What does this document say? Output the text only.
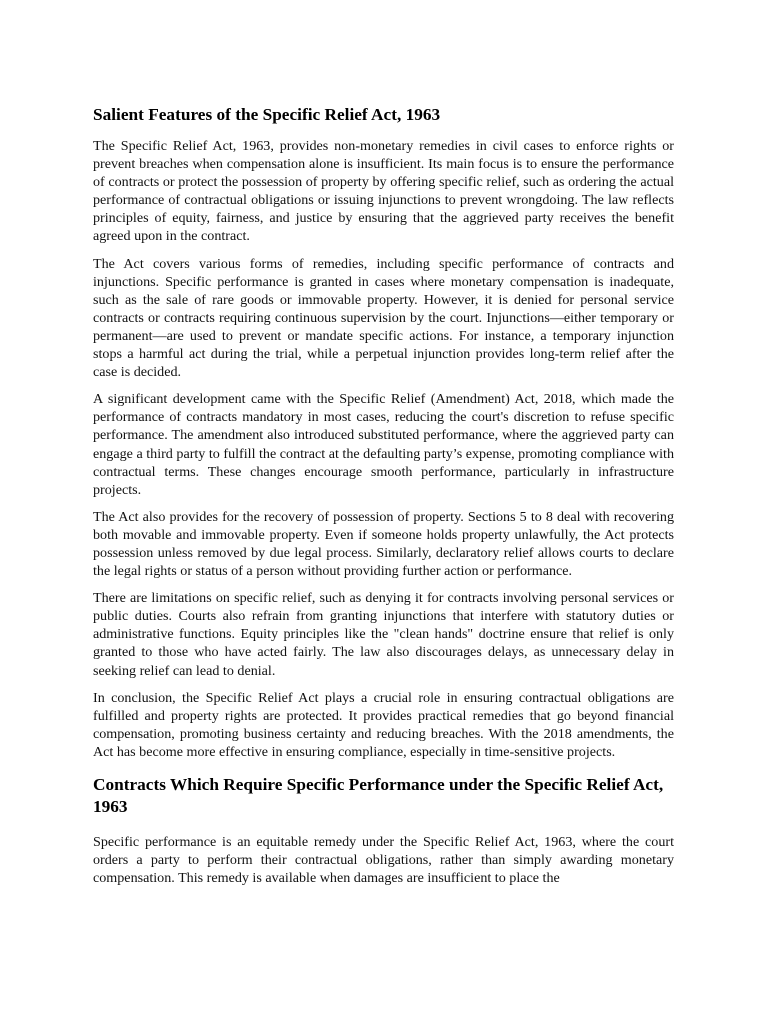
Salient Features of the Specific Relief Act, 1963

The Specific Relief Act, 1963, provides non-monetary remedies in civil cases to enforce rights or prevent breaches when compensation alone is insufficient. Its main focus is to ensure the performance of contracts or protect the possession of property by offering specific relief, such as ordering the actual performance of contractual obligations or issuing injunctions to prevent wrongdoing. The law reflects principles of equity, fairness, and justice by ensuring that the aggrieved party receives the benefit agreed upon in the contract.

The Act covers various forms of remedies, including specific performance of contracts and injunctions. Specific performance is granted in cases where monetary compensation is inadequate, such as the sale of rare goods or immovable property. However, it is denied for personal service contracts or contracts requiring continuous supervision by the court. Injunctions—either temporary or permanent—are used to prevent or mandate specific actions. For instance, a temporary injunction stops a harmful act during the trial, while a perpetual injunction provides long-term relief after the case is decided.

A significant development came with the Specific Relief (Amendment) Act, 2018, which made the performance of contracts mandatory in most cases, reducing the court's discretion to refuse specific performance. The amendment also introduced substituted performance, where the aggrieved party can engage a third party to fulfill the contract at the defaulting party’s expense, promoting compliance with contractual terms. These changes encourage smooth performance, particularly in infrastructure projects.

The Act also provides for the recovery of possession of property. Sections 5 to 8 deal with recovering both movable and immovable property. Even if someone holds property unlawfully, the Act protects possession unless removed by due legal process. Similarly, declaratory relief allows courts to declare the legal rights or status of a person without providing further action or performance.

There are limitations on specific relief, such as denying it for contracts involving personal services or public duties. Courts also refrain from granting injunctions that interfere with statutory duties or administrative functions. Equity principles like the "clean hands" doctrine ensure that relief is only granted to those who have acted fairly. The law also discourages delays, as unnecessary delay in seeking relief can lead to denial.

In conclusion, the Specific Relief Act plays a crucial role in ensuring contractual obligations are fulfilled and property rights are protected. It provides practical remedies that go beyond financial compensation, promoting business certainty and reducing breaches. With the 2018 amendments, the Act has become more effective in ensuring compliance, especially in time-sensitive projects.

Contracts Which Require Specific Performance under the Specific Relief Act, 1963

Specific performance is an equitable remedy under the Specific Relief Act, 1963, where the court orders a party to perform their contractual obligations, rather than simply awarding monetary compensation. This remedy is available when damages are insufficient to place the
